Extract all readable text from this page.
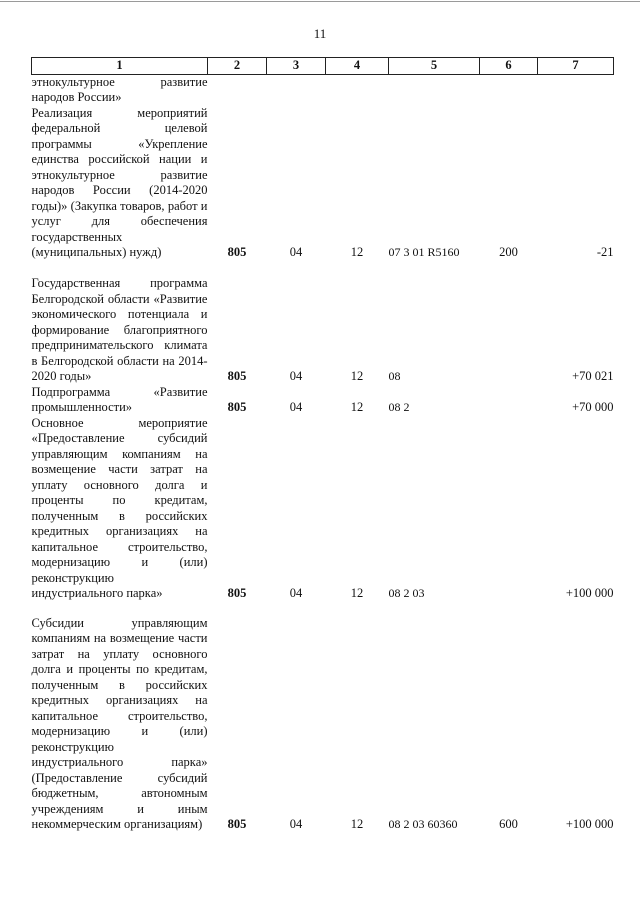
11
1	2	3	4	5	6	7
этнокультурное развитие народов России»						
Реализация мероприятий федеральной целевой программы «Укрепление единства российской нации и этнокультурное развитие народов России (2014-2020 годы)» (Закупка товаров, работ и услуг для обеспечения государственных (муниципальных) нужд)	805	04	12	07 3 01 R5160	200	-21
Государственная программа Белгородской области «Развитие экономического потенциала и формирование благоприятного предпринимательского климата в Белгородской области на 2014-2020 годы»	805	04	12	08		+70 021
Подпрограмма «Развитие промышленности»	805	04	12	08 2		+70 000
Основное мероприятие «Предоставление субсидий управляющим компаниям на возмещение части затрат на уплату основного долга и проценты по кредитам, полученным в российских кредитных организациях на капитальное строительство, модернизацию и (или) реконструкцию индустриального парка»	805	04	12	08 2 03		+100 000
Субсидии управляющим компаниям на возмещение части затрат на уплату основного долга и проценты по кредитам, полученным в российских кредитных организациях на капитальное строительство, модернизацию и (или) реконструкцию индустриального парка» (Предоставление субсидий бюджетным, автономным учреждениям и иным некоммерческим организациям)	805	04	12	08 2 03 60360	600	+100 000
